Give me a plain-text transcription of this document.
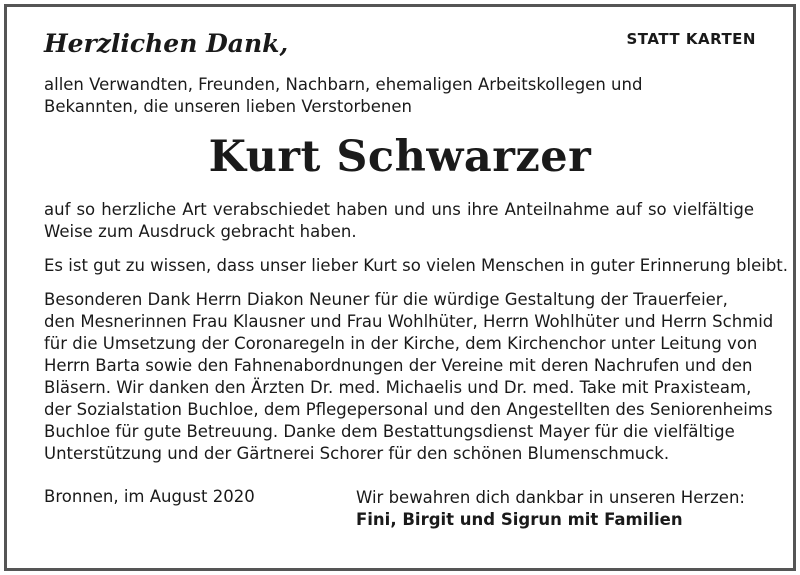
Herzlichen Dank,	STATT KARTEN
allen Verwandten, Freunden, Nachbarn, ehemaligen Arbeitskollegen und
Bekannten, die unseren lieben Verstorbenen
Kurt Schwarzer
auf so herzliche Art verabschiedet haben und uns ihre Anteilnahme auf so vielfältige
Weise zum Ausdruck gebracht haben.
Es ist gut zu wissen, dass unser lieber Kurt so vielen Menschen in guter Erinnerung bleibt.
Besonderen Dank Herrn Diakon Neuner für die würdige Gestaltung der Trauerfeier,
den Mesnerinnen Frau Klausner und Frau Wohlhüter, Herrn Wohlhüter und Herrn Schmid
für die Umsetzung der Coronaregeln in der Kirche, dem Kirchenchor unter Leitung von
Herrn Barta sowie den Fahnenabordnungen der Vereine mit deren Nachrufen und den
Bläsern. Wir danken den Ärzten Dr. med. Michaelis und Dr. med. Take mit Praxisteam,
der Sozialstation Buchloe, dem Pflegepersonal und den Angestellten des Seniorenheims
Buchloe für gute Betreuung. Danke dem Bestattungsdienst Mayer für die vielfältige
Unterstützung und der Gärtnerei Schorer für den schönen Blumenschmuck.
Bronnen, im August 2020	Wir bewahren dich dankbar in unseren Herzen:
Fini, Birgit und Sigrun mit Familien
